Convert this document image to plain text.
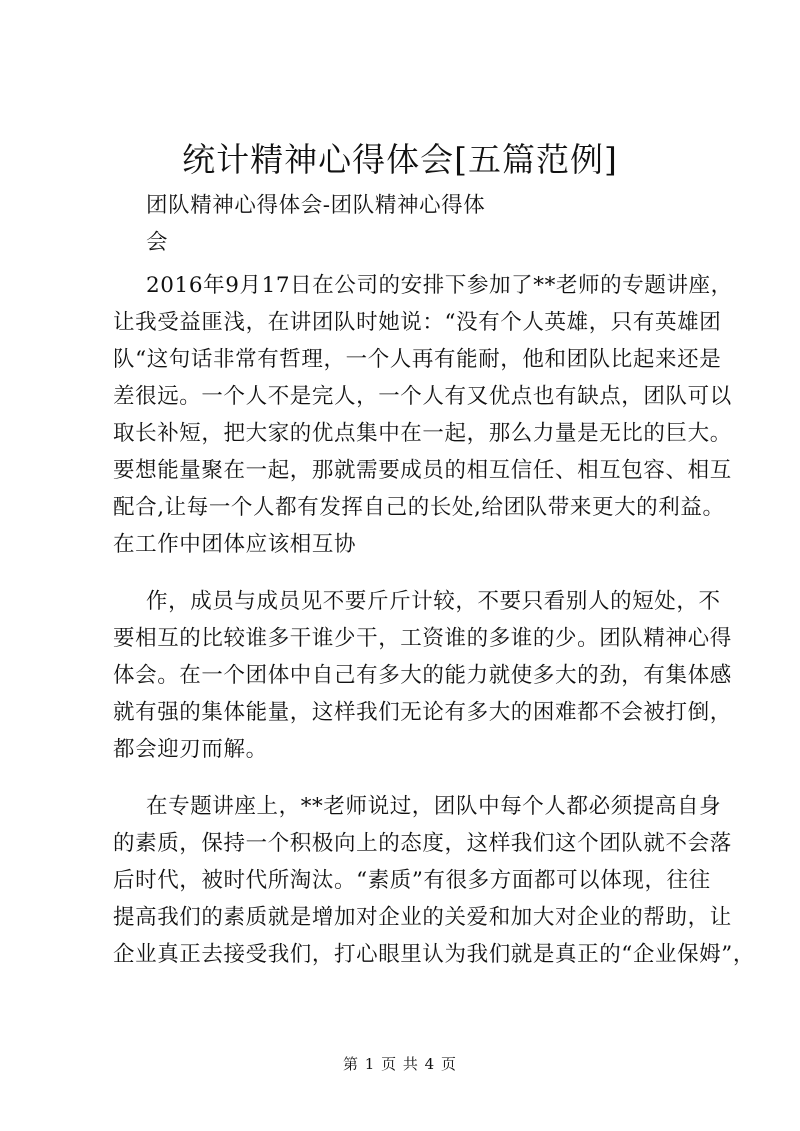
统计精神心得体会[五篇范例]
团队精神心得体会-团队精神心得体
会
2016年9月17日在公司的安排下参加了**老师的专题讲座，
让我受益匪浅，在讲团队时她说：“没有个人英雄，只有英雄团
队“这句话非常有哲理，一个人再有能耐，他和团队比起来还是
差很远。一个人不是完人，一个人有又优点也有缺点，团队可以
取长补短，把大家的优点集中在一起，那么力量是无比的巨大。
要想能量聚在一起，那就需要成员的相互信任、相互包容、相互
配合,让每一个人都有发挥自己的长处,给团队带来更大的利益。
在工作中团体应该相互协
作，成员与成员见不要斤斤计较，不要只看别人的短处，不
要相互的比较谁多干谁少干，工资谁的多谁的少。团队精神心得
体会。在一个团体中自己有多大的能力就使多大的劲，有集体感
就有强的集体能量，这样我们无论有多大的困难都不会被打倒，
都会迎刃而解。
在专题讲座上，**老师说过，团队中每个人都必须提高自身
的素质，保持一个积极向上的态度，这样我们这个团队就不会落
后时代，被时代所淘汰。“素质”有很多方面都可以体现，往往
提高我们的素质就是增加对企业的关爱和加大对企业的帮助，让
企业真正去接受我们，打心眼里认为我们就是真正的“企业保姆”，
第 1 页 共 4 页
